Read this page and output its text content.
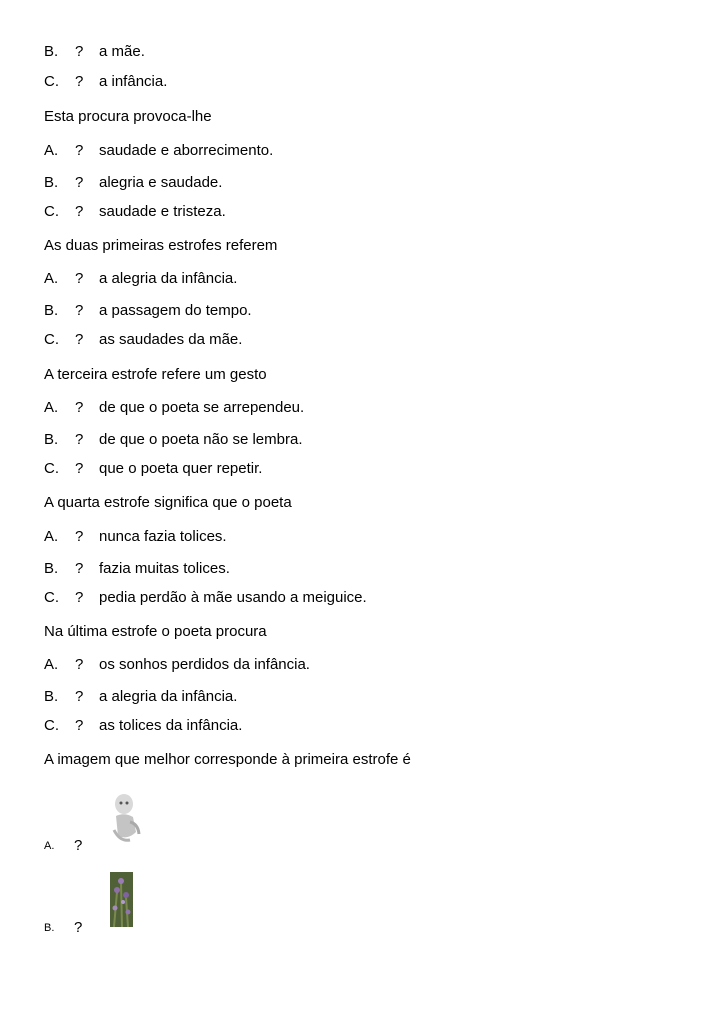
B. ? a mãe.
C. ? a infância.
Esta procura provoca-lhe
A. ? saudade e aborrecimento.
B. ? alegria e saudade.
C. ? saudade e tristeza.
As duas primeiras estrofes referem
A. ? a alegria da infância.
B. ? a passagem do tempo.
C. ? as saudades da mãe.
A terceira estrofe refere um gesto
A. ? de que o poeta se arrependeu.
B. ? de que o poeta não se lembra.
C. ? que o poeta quer repetir.
A quarta estrofe significa que o poeta
A. ? nunca fazia tolices.
B. ? fazia muitas tolices.
C. ? pedia perdão à mãe usando a meiguice.
Na última estrofe o poeta procura
A. ? os sonhos perdidos da infância.
B. ? a alegria da infância.
C. ? as tolices da infância.
A imagem que melhor corresponde à primeira estrofe é
A. ?
B. ?
